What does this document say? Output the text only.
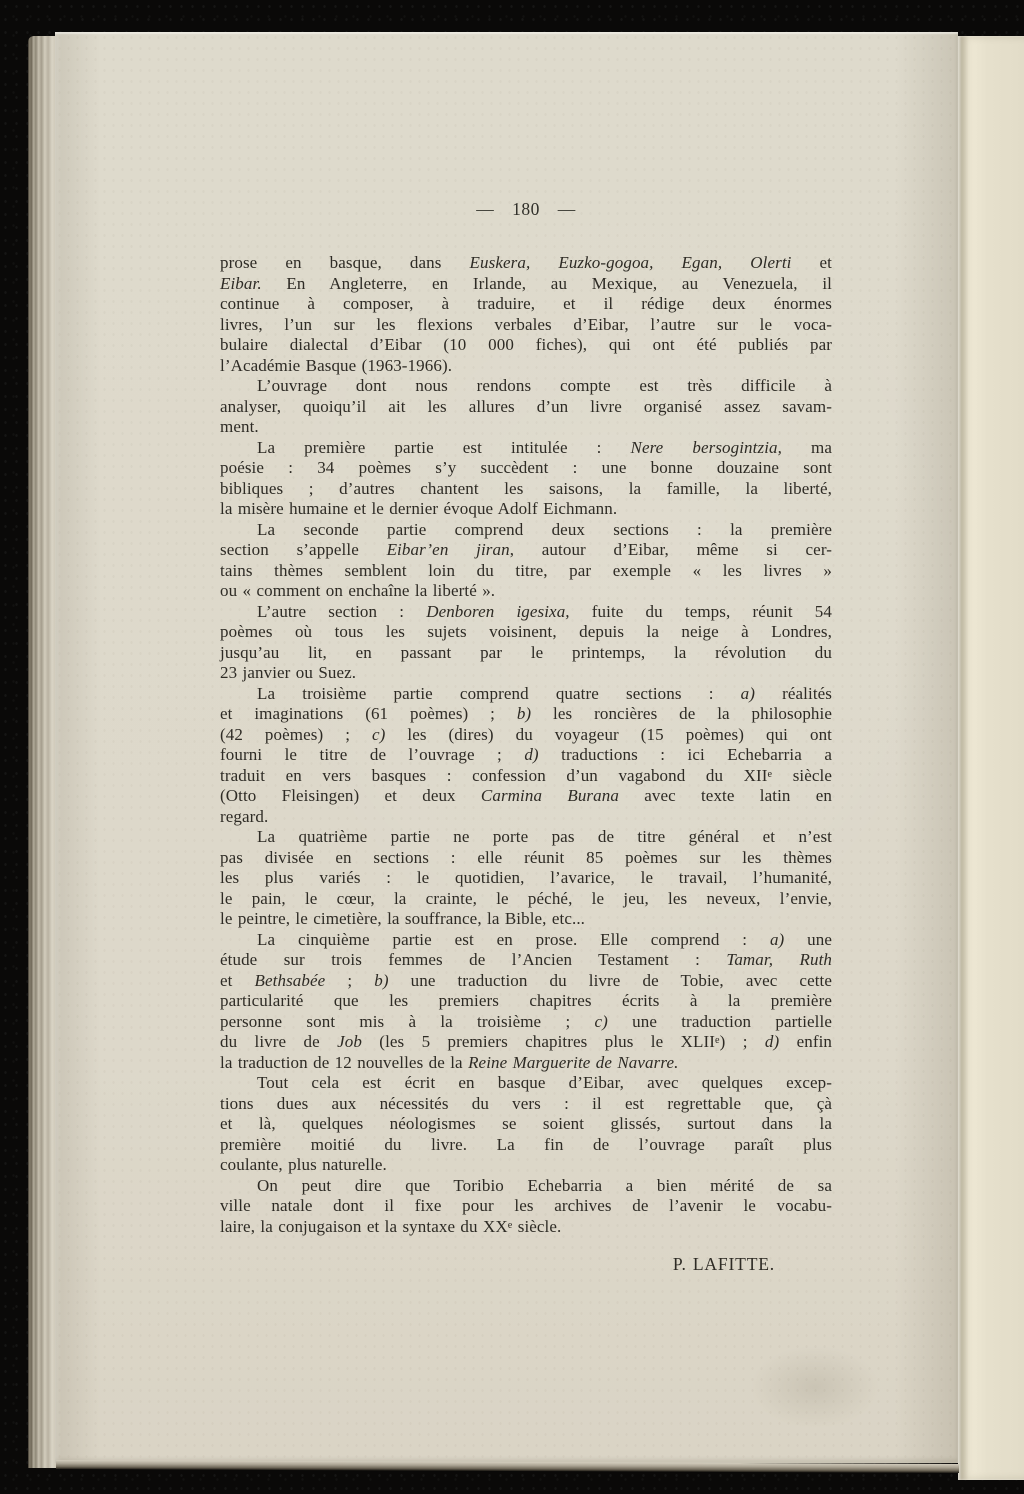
— 180 —
prose en basque, dans Euskera, Euzko-gogoa, Egan, Olerti et
Eibar. En Angleterre, en Irlande, au Mexique, au Venezuela, il
continue à composer, à traduire, et il rédige deux énormes
livres, l’un sur les flexions verbales d’Eibar, l’autre sur le voca-
bulaire dialectal d’Eibar (10 000 fiches), qui ont été publiés par
l’Académie Basque (1963-1966).
L’ouvrage dont nous rendons compte est très difficile à
analyser, quoiqu’il ait les allures d’un livre organisé assez savam-
ment.
La première partie est intitulée : Nere bersogintzia, ma
poésie : 34 poèmes s’y succèdent : une bonne douzaine sont
bibliques ; d’autres chantent les saisons, la famille, la liberté,
la misère humaine et le dernier évoque Adolf Eichmann.
La seconde partie comprend deux sections : la première
section s’appelle Eibar’en jiran, autour d’Eibar, même si cer-
tains thèmes semblent loin du titre, par exemple « les livres »
ou « comment on enchaîne la liberté ».
L’autre section : Denboren igesixa, fuite du temps, réunit 54
poèmes où tous les sujets voisinent, depuis la neige à Londres,
jusqu’au lit, en passant par le printemps, la révolution du
23 janvier ou Suez.
La troisième partie comprend quatre sections : a) réalités
et imaginations (61 poèmes) ; b) les roncières de la philosophie
(42 poèmes) ; c) les (dires) du voyageur (15 poèmes) qui ont
fourni le titre de l’ouvrage ; d) traductions : ici Echebarria a
traduit en vers basques : confession d’un vagabond du XIIe siècle
(Otto Fleisingen) et deux Carmina Burana avec texte latin en
regard.
La quatrième partie ne porte pas de titre général et n’est
pas divisée en sections : elle réunit 85 poèmes sur les thèmes
les plus variés : le quotidien, l’avarice, le travail, l’humanité,
le pain, le cœur, la crainte, le péché, le jeu, les neveux, l’envie,
le peintre, le cimetière, la souffrance, la Bible, etc...
La cinquième partie est en prose. Elle comprend : a) une
étude sur trois femmes de l’Ancien Testament : Tamar, Ruth
et Bethsabée ; b) une traduction du livre de Tobie, avec cette
particularité que les premiers chapitres écrits à la première
personne sont mis à la troisième ; c) une traduction partielle
du livre de Job (les 5 premiers chapitres plus le XLIIe) ; d) enfin
la traduction de 12 nouvelles de la Reine Marguerite de Navarre.
Tout cela est écrit en basque d’Eibar, avec quelques excep-
tions dues aux nécessités du vers : il est regrettable que, çà
et là, quelques néologismes se soient glissés, surtout dans la
première moitié du livre. La fin de l’ouvrage paraît plus
coulante, plus naturelle.
On peut dire que Toribio Echebarria a bien mérité de sa
ville natale dont il fixe pour les archives de l’avenir le vocabu-
laire, la conjugaison et la syntaxe du XXe siècle.
P. LAFITTE.
